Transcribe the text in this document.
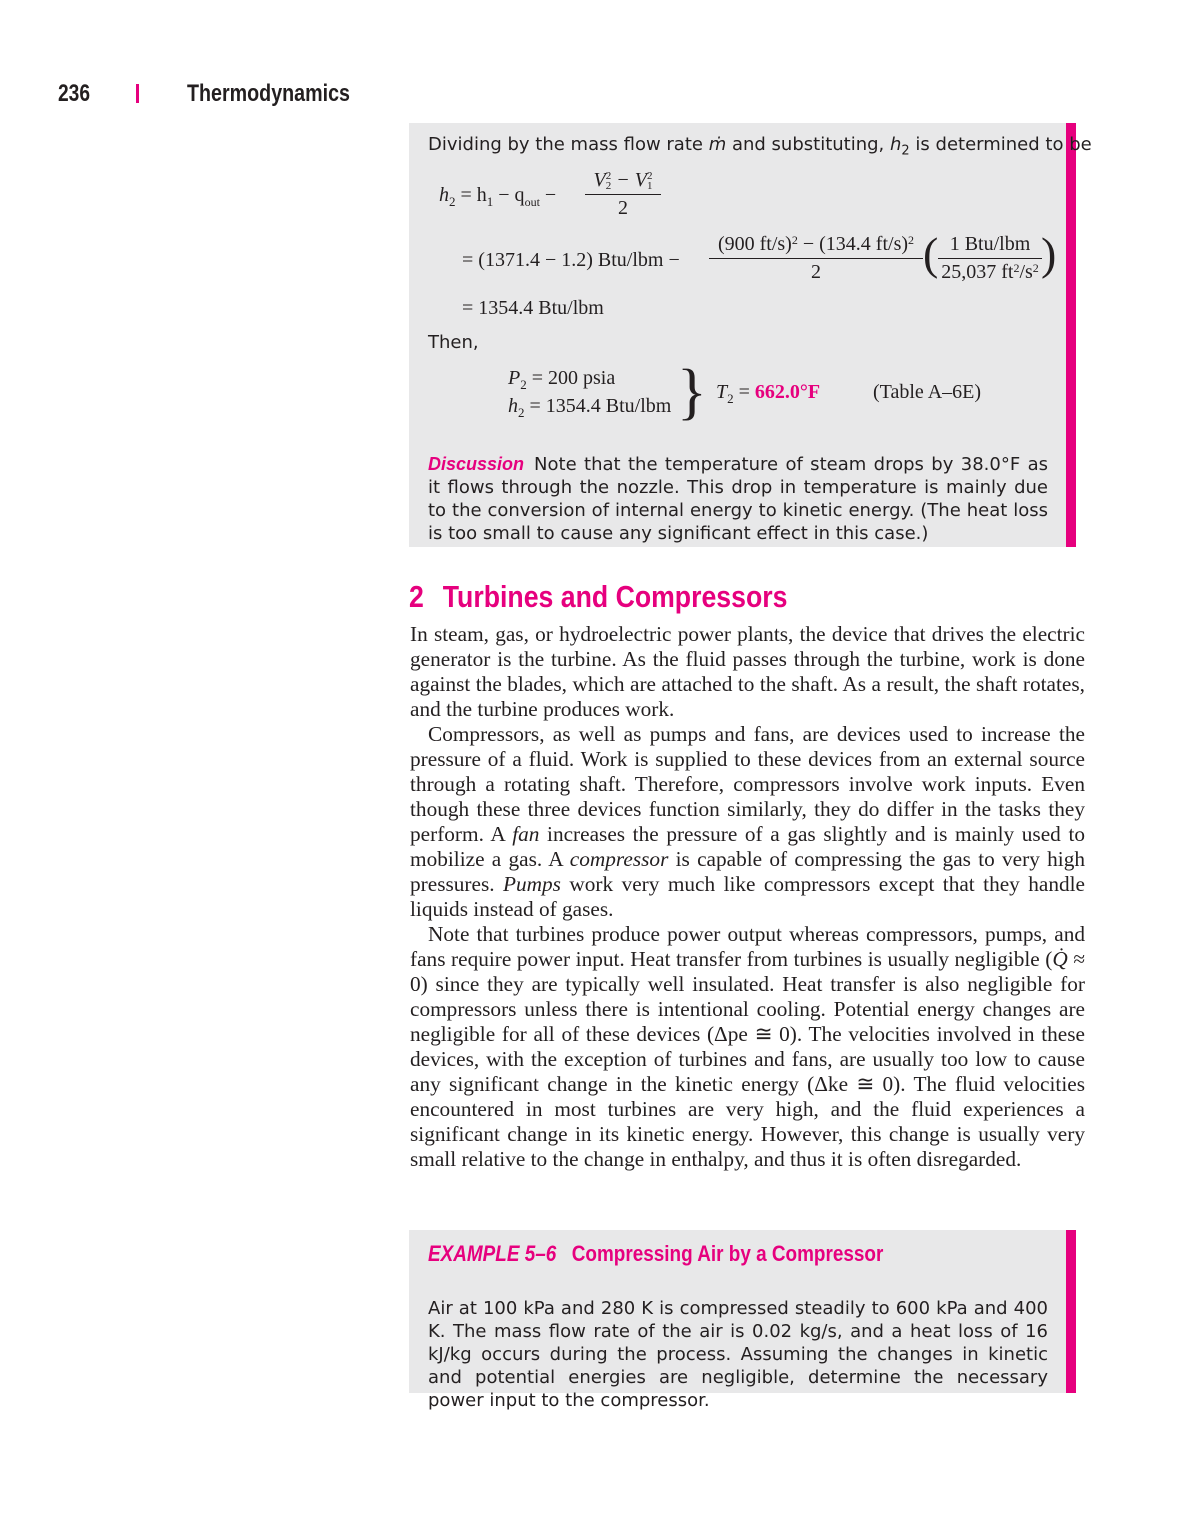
236	Thermodynamics
Dividing by the mass flow rate ṁ and substituting, $h_2$ is determined to be
$h_2 = h_1 - q_{out}$ −
V2
2 − V2
1
2
= (1371.4 − 1.2) Btu/lbm −
(900 ft/s)$^2$ − (134.4 ft/s)$^2$
2	( 1 Btu/lbm
25,037 $ft^2/s^2$ )
= 1354.4 Btu/lbm
Then,
$P_2 = 200$ psia
$h_2 = 1354.4$ Btu/lbm } $T_2 = 662.0^\circ F$	(Table A–6E)

Discussion Note that the temperature of steam drops by 38.0°F as it flows through the nozzle. This drop in temperature is mainly due to the conversion of internal energy to kinetic energy. (The heat loss is too small to cause any significant effect in this case.)

2 Turbines and Compressors

In steam, gas, or hydroelectric power plants, the device that drives the electric generator is the turbine. As the fluid passes through the turbine, work is done against the blades, which are attached to the shaft. As a result, the shaft rotates, and the turbine produces work.

Compressors, as well as pumps and fans, are devices used to increase the pressure of a fluid. Work is supplied to these devices from an external source through a rotating shaft. Therefore, compressors involve work inputs. Even though these three devices function similarly, they do differ in the tasks they perform. A fan increases the pressure of a gas slightly and is mainly used to mobilize a gas. A compressor is capable of compressing the gas to very high pressures. Pumps work very much like compressors except that they handle liquids instead of gases.

Note that turbines produce power output whereas compressors, pumps, and fans require power input. Heat transfer from turbines is usually negligible (Q̇ ≈ 0) since they are typically well insulated. Heat transfer is also negligible for compressors unless there is intentional cooling. Potential energy changes are negligible for all of these devices (Δpe ≅ 0). The velocities involved in these devices, with the exception of turbines and fans, are usually too low to cause any significant change in the kinetic energy (Δke ≅ 0). The fluid velocities encountered in most turbines are very high, and the fluid experiences a significant change in its kinetic energy. However, this change is usually very small relative to the change in enthalpy, and thus it is often disregarded.

EXAMPLE 5–6 Compressing Air by a Compressor

Air at 100 kPa and 280 K is compressed steadily to 600 kPa and 400 K. The mass flow rate of the air is 0.02 kg/s, and a heat loss of 16 kJ/kg occurs during the process. Assuming the changes in kinetic and potential energies are negligible, determine the necessary power input to the compressor.
